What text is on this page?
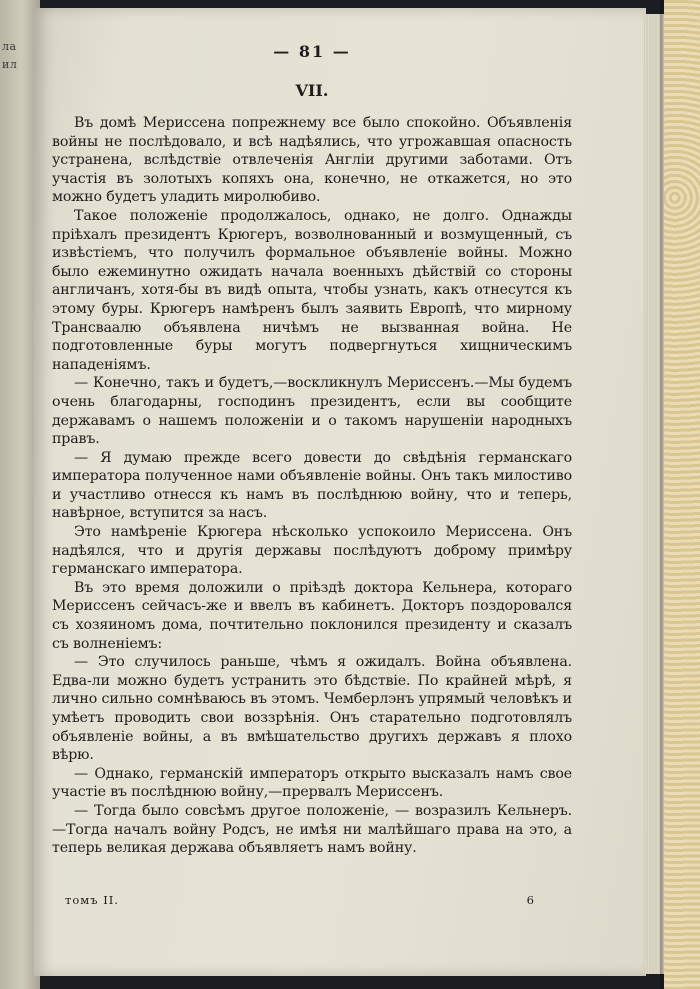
ла
ил
— 81 —
VII.

Въ домѣ Мериссена попрежнему все было спокойно. Объявленія войны не послѣдовало, и всѣ надѣялись, что угрожавшая опасность устранена, вслѣдствіе отвлеченія Англіи другими заботами. Отъ участія въ золотыхъ копяхъ она, конечно, не откажется, но это можно будетъ уладить миролюбиво.

Такое положеніе продолжалось, однако, не долго. Однажды пріѣхалъ президентъ Крюгеръ, возволнованный и возмущенный, съ извѣстіемъ, что получилъ формальное объявленіе войны. Можно было ежеминутно ожидать начала военныхъ дѣйствій со стороны англичанъ, хотя-бы въ видѣ опыта, чтобы узнать, какъ отнесутся къ этому буры. Крюгеръ намѣренъ былъ заявить Европѣ, что мирному Трансваалю объявлена ничѣмъ не вызванная война. Не подготовленные буры могутъ подвергнуться хищническимъ нападеніямъ.

— Конечно, такъ и будетъ,—воскликнулъ Мериссенъ.—Мы будемъ очень благодарны, господинъ президентъ, если вы сообщите державамъ о нашемъ положеніи и о такомъ нарушеніи народныхъ правъ.

— Я думаю прежде всего довести до свѣдѣнія германскаго императора полученное нами объявленіе войны. Онъ такъ милостиво и участливо отнесся къ намъ въ послѣднюю войну, что и теперь, навѣрное, вступится за насъ.

Это намѣреніе Крюгера нѣсколько успокоило Мериссена. Онъ надѣялся, что и другія державы послѣдуютъ доброму примѣру германскаго императора.

Въ это время доложили о пріѣздѣ доктора Кельнера, котораго Мериссенъ сейчасъ-же и ввелъ въ кабинетъ. Докторъ поздоровался съ хозяиномъ дома, почтительно поклонился президенту и сказалъ съ волненіемъ:

— Это случилось раньше, чѣмъ я ожидалъ. Война объявлена. Едва-ли можно будетъ устранить это бѣдствіе. По крайней мѣрѣ, я лично сильно сомнѣваюсь въ этомъ. Чемберлэнъ упрямый человѣкъ и умѣетъ проводить свои воззрѣнія. Онъ старательно подготовлялъ объявленіе войны, а въ вмѣшательство другихъ державъ я плохо вѣрю.

— Однако, германскій императоръ открыто высказалъ намъ свое участіе въ послѣднюю войну,—прервалъ Мериссенъ.

— Тогда было совсѣмъ другое положеніе, — возразилъ Кельнеръ.—Тогда началъ войну Родсъ, не имѣя ни малѣйшаго права на это, а теперь великая держава объявляетъ намъ войну.

томъ II.	6
